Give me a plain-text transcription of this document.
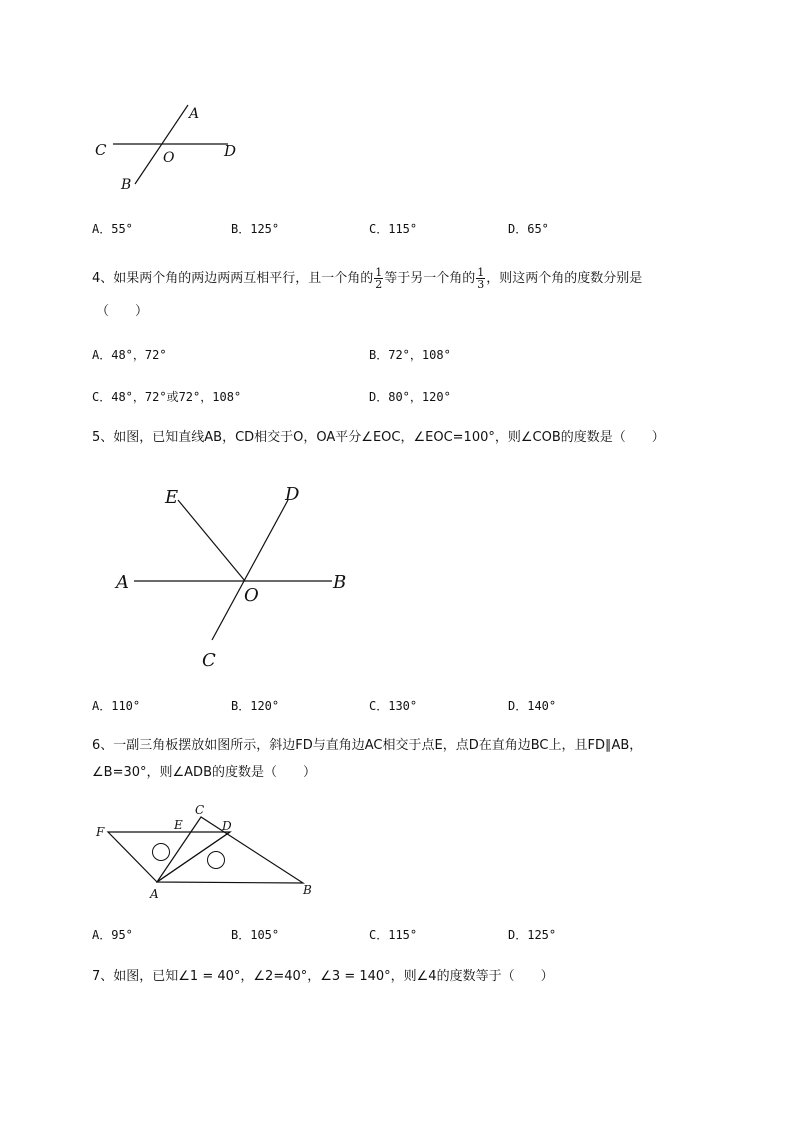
A
C	O	D
B
A．55°	B．125°	C．115°	D．65°
4、如果两个角的两边两两互相平行，且一个角的 $\frac{1}{2}$ 等于另一个角的 $\frac{1}{3}$ ，则这两个角的度数分别是
（　　）
A．48°，72°	B．72°，108°
C．48°，72°或72°，108°	D．80°，120°
5、如图，已知直线AB，CD相交于O，OA平分∠EOC，∠EOC=100°，则∠COB的度数是（　　）
E	D
A
O
B
C
A．110°	B．120°	C．130°	D．140°
6、一副三角板摆放如图所示，斜边FD与直角边AC相交于点E，点D在直角边BC上，且FD∥AB，
∠B=30°，则∠ADB的度数是（　　）
F	E
C
D
A	B
A．95°	B．105°	C．115°	D．125°
7、如图，已知∠1 = 40°，∠2=40°，∠3 = 140°，则∠4的度数等于（　　）
